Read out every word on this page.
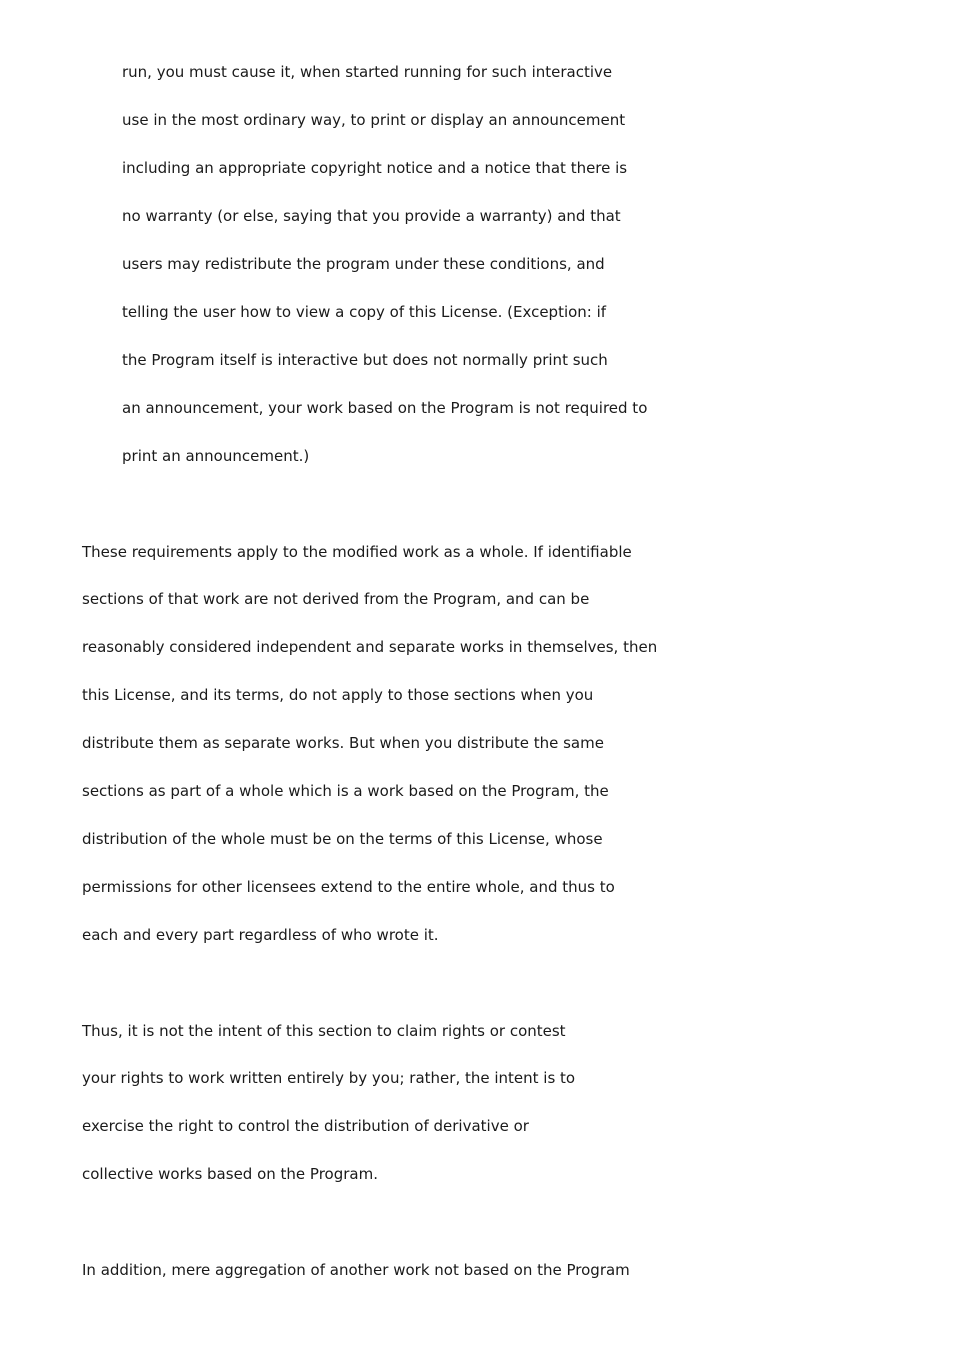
run, you must cause it, when started running for such interactive
use in the most ordinary way, to print or display an announcement
including an appropriate copyright notice and a notice that there is
no warranty (or else, saying that you provide a warranty) and that
users may redistribute the program under these conditions, and
telling the user how to view a copy of this License. (Exception: if
the Program itself is interactive but does not normally print such
an announcement, your work based on the Program is not required to
print an announcement.)
These requirements apply to the modified work as a whole. If identifiable
sections of that work are not derived from the Program, and can be
reasonably considered independent and separate works in themselves, then
this License, and its terms, do not apply to those sections when you
distribute them as separate works. But when you distribute the same
sections as part of a whole which is a work based on the Program, the
distribution of the whole must be on the terms of this License, whose
permissions for other licensees extend to the entire whole, and thus to
each and every part regardless of who wrote it.
Thus, it is not the intent of this section to claim rights or contest
your rights to work written entirely by you; rather, the intent is to
exercise the right to control the distribution of derivative or
collective works based on the Program.
In addition, mere aggregation of another work not based on the Program
